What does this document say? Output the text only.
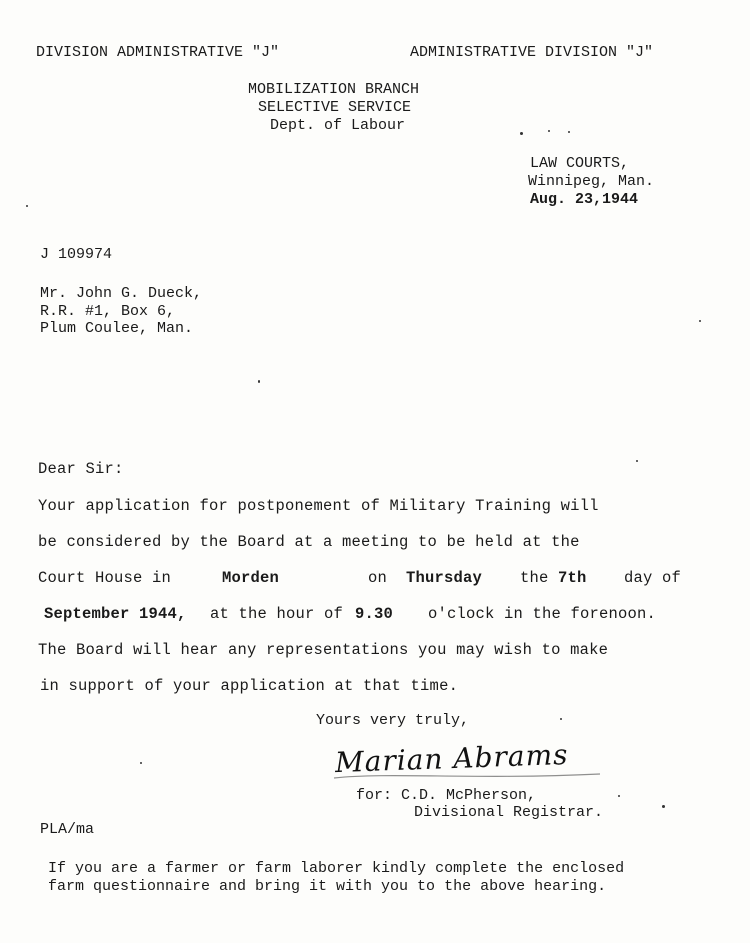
DIVISION ADMINISTRATIVE "J"	ADMINISTRATIVE DIVISION "J"
MOBILIZATION BRANCH
SELECTIVE SERVICE
Dept. of Labour
LAW COURTS,
Winnipeg, Man.
Aug. 23,1944
J 109974
Mr. John G. Dueck,
R.R. #1, Box 6,
Plum Coulee, Man.
Dear Sir:
Your application for postponement of Military Training will
be considered by the Board at a meeting to be held at the
Court House in	Morden	on Thursday the 7th day of
September 1944, at the hour of 9.30 o'clock in the forenoon.
The Board will hear any representations you may wish to make
in support of your application at that time.
Yours very truly,
Marian Abrams
for: C.D. McPherson,
Divisional Registrar.
PLA/ma
If you are a farmer or farm laborer kindly complete the enclosed
farm questionnaire and bring it with you to the above hearing.
